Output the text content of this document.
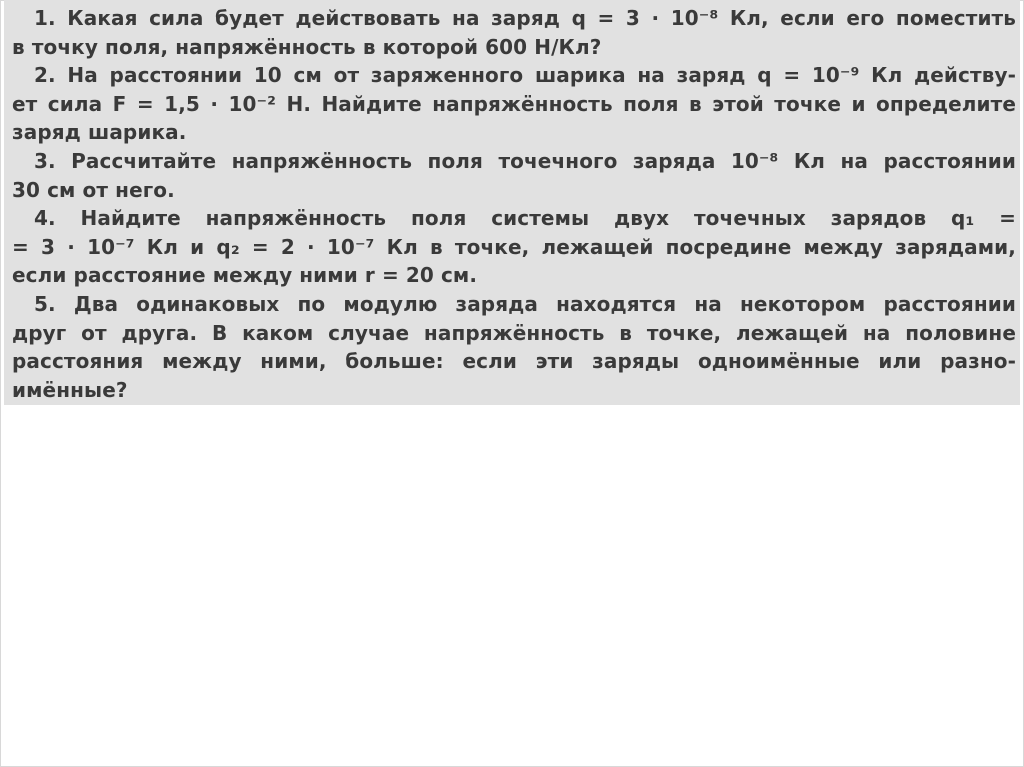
1. Какая сила будет действовать на заряд q = 3 · 10⁻⁸ Кл, если его поместить
в точку поля, напряжённость в которой 600 Н/Кл?

2. На расстоянии 10 см от заряженного шарика на заряд q = 10⁻⁹ Кл действу-
ет сила F = 1,5 · 10⁻² Н. Найдите напряжённость поля в этой точке и определите
заряд шарика.

3. Рассчитайте напряжённость поля точечного заряда 10⁻⁸ Кл на расстоянии
30 см от него.

4. Найдите напряжённость поля системы двух точечных зарядов q₁ =
= 3 · 10⁻⁷ Кл и q₂ = 2 · 10⁻⁷ Кл в точке, лежащей посредине между зарядами,
если расстояние между ними r = 20 см.

5. Два одинаковых по модулю заряда находятся на некотором расстоянии
друг от друга. В каком случае напряжённость в точке, лежащей на половине
расстояния между ними, больше: если эти заряды одноимённые или разно-
имённые?
